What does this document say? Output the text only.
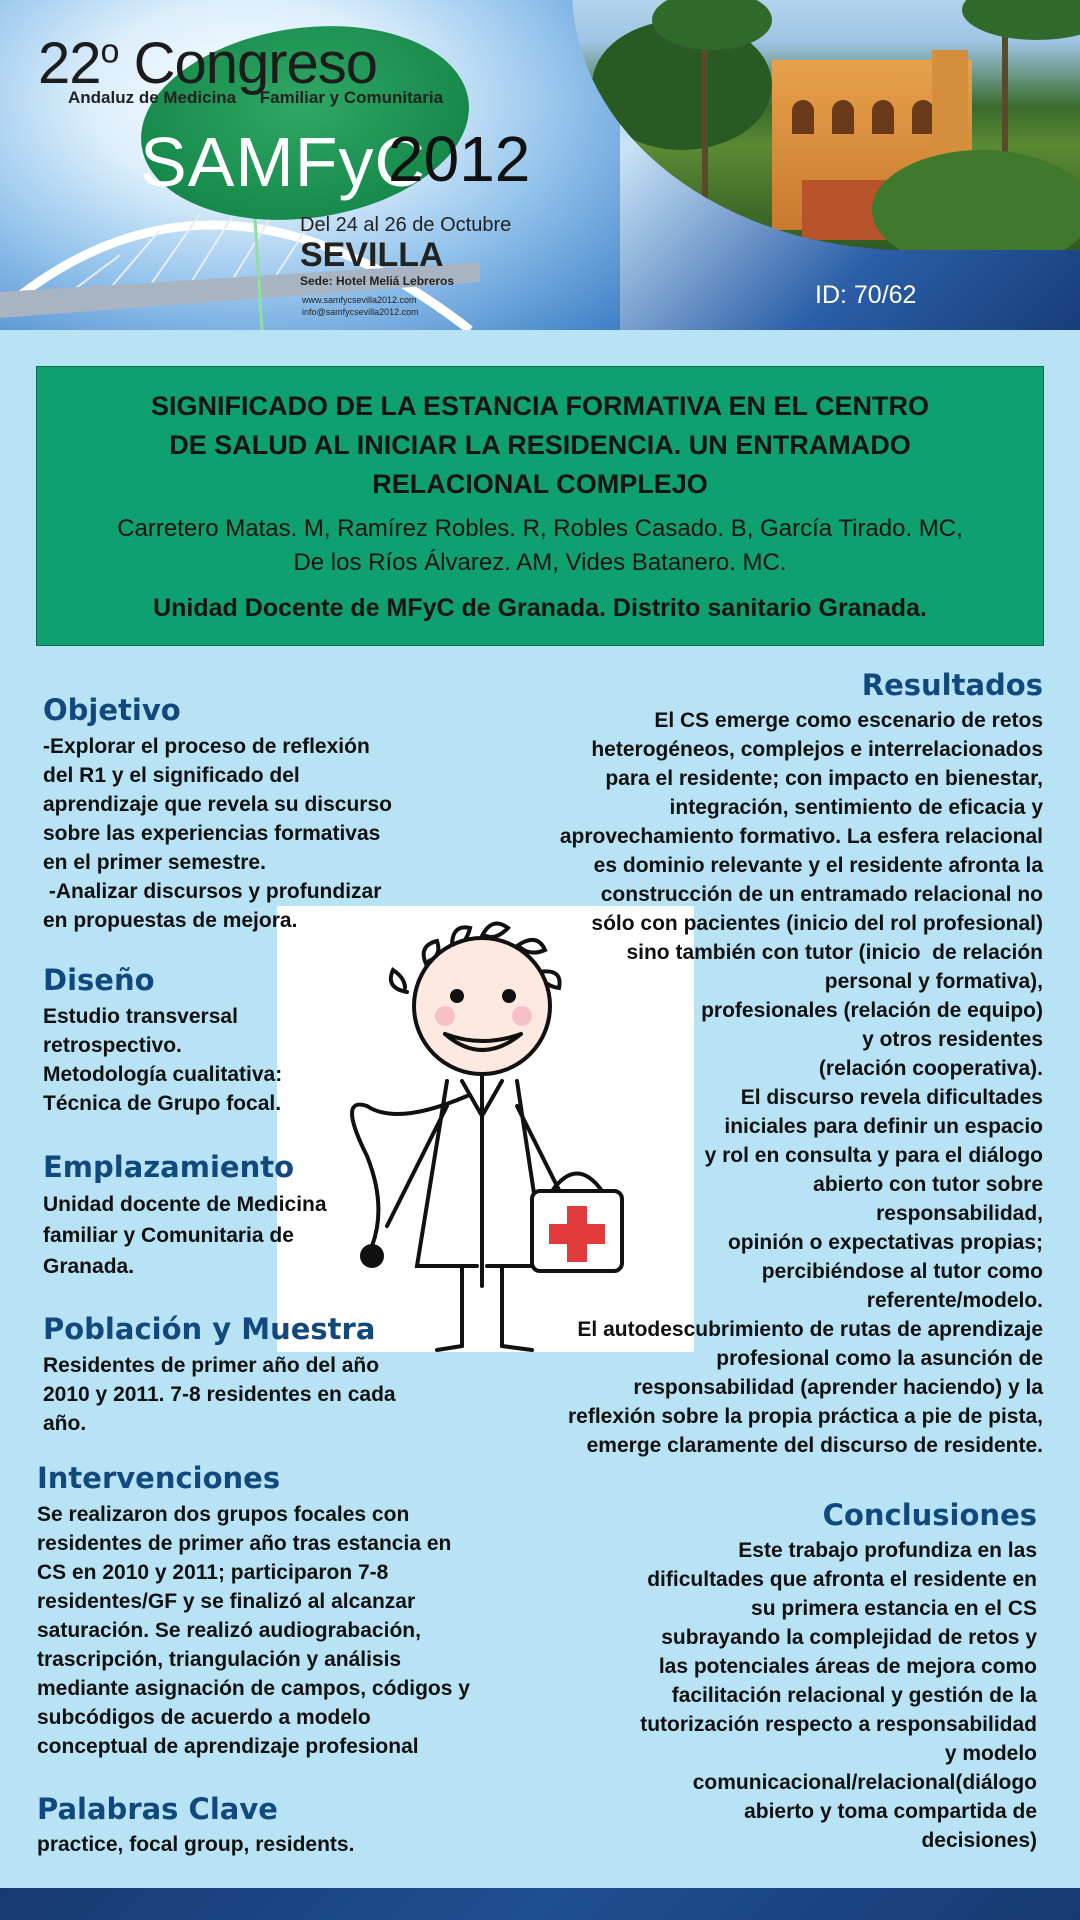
22$^o$ Congreso
Andaluz de Medicina     Familiar y Comunitaria
SAMFyC
2012
Del 24 al 26 de Octubre
SEVILLA
Sede: Hotel Meliá Lebreros
www.samfycsevilla2012.com
info@samfycsevilla2012.com
ID: 70/62
SIGNIFICADO DE LA ESTANCIA FORMATIVA EN EL CENTRO
DE SALUD AL INICIAR LA RESIDENCIA. UN ENTRAMADO
RELACIONAL COMPLEJO
Carretero Matas. M, Ramírez Robles. R, Robles Casado. B, García Tirado. MC,
De los Ríos Álvarez. AM, Vides Batanero. MC.
Unidad Docente de MFyC de Granada. Distrito sanitario Granada.
Objetivo
-Explorar el proceso de reflexión
del R1 y el significado del
aprendizaje que revela su discurso
sobre las experiencias formativas
en el primer semestre.
-Analizar discursos y profundizar
en propuestas de mejora.
Diseño
Estudio transversal
retrospectivo.
Metodología cualitativa:
Técnica de Grupo focal.
Emplazamiento
Unidad docente de Medicina
familiar y Comunitaria de
Granada.
Población y Muestra
Residentes de primer año del año
2010 y 2011. 7-8 residentes en cada
año.
Intervenciones
Se realizaron dos grupos focales con
residentes de primer año tras estancia en
CS en 2010 y 2011; participaron 7-8
residentes/GF y se finalizó al alcanzar
saturación. Se realizó audiograbación,
trascripción, triangulación y análisis
mediante asignación de campos, códigos y
subcódigos de acuerdo a modelo
conceptual de aprendizaje profesional
Palabras Clave
practice, focal group, residents.
Resultados
El CS emerge como escenario de retos
heterogéneos, complejos e interrelacionados
para el residente; con impacto en bienestar,
integración, sentimiento de eficacia y
aprovechamiento formativo. La esfera relacional
es dominio relevante y el residente afronta la
construcción de un entramado relacional no
sólo con pacientes (inicio del rol profesional)
sino también con tutor (inicio  de relación
personal y formativa),
profesionales (relación de equipo)
y otros residentes
(relación cooperativa).
El discurso revela dificultades
iniciales para definir un espacio
y rol en consulta y para el diálogo
abierto con tutor sobre
responsabilidad,
opinión o expectativas propias;
percibiéndose al tutor como
referente/modelo.
El autodescubrimiento de rutas de aprendizaje
profesional como la asunción de
responsabilidad (aprender haciendo) y la
reflexión sobre la propia práctica a pie de pista,
emerge claramente del discurso de residente.
Conclusiones
Este trabajo profundiza en las
dificultades que afronta el residente en
su primera estancia en el CS
subrayando la complejidad de retos y
las potenciales áreas de mejora como
facilitación relacional y gestión de la
tutorización respecto a responsabilidad
y modelo
comunicacional/relacional(diálogo
abierto y toma compartida de
decisiones)
